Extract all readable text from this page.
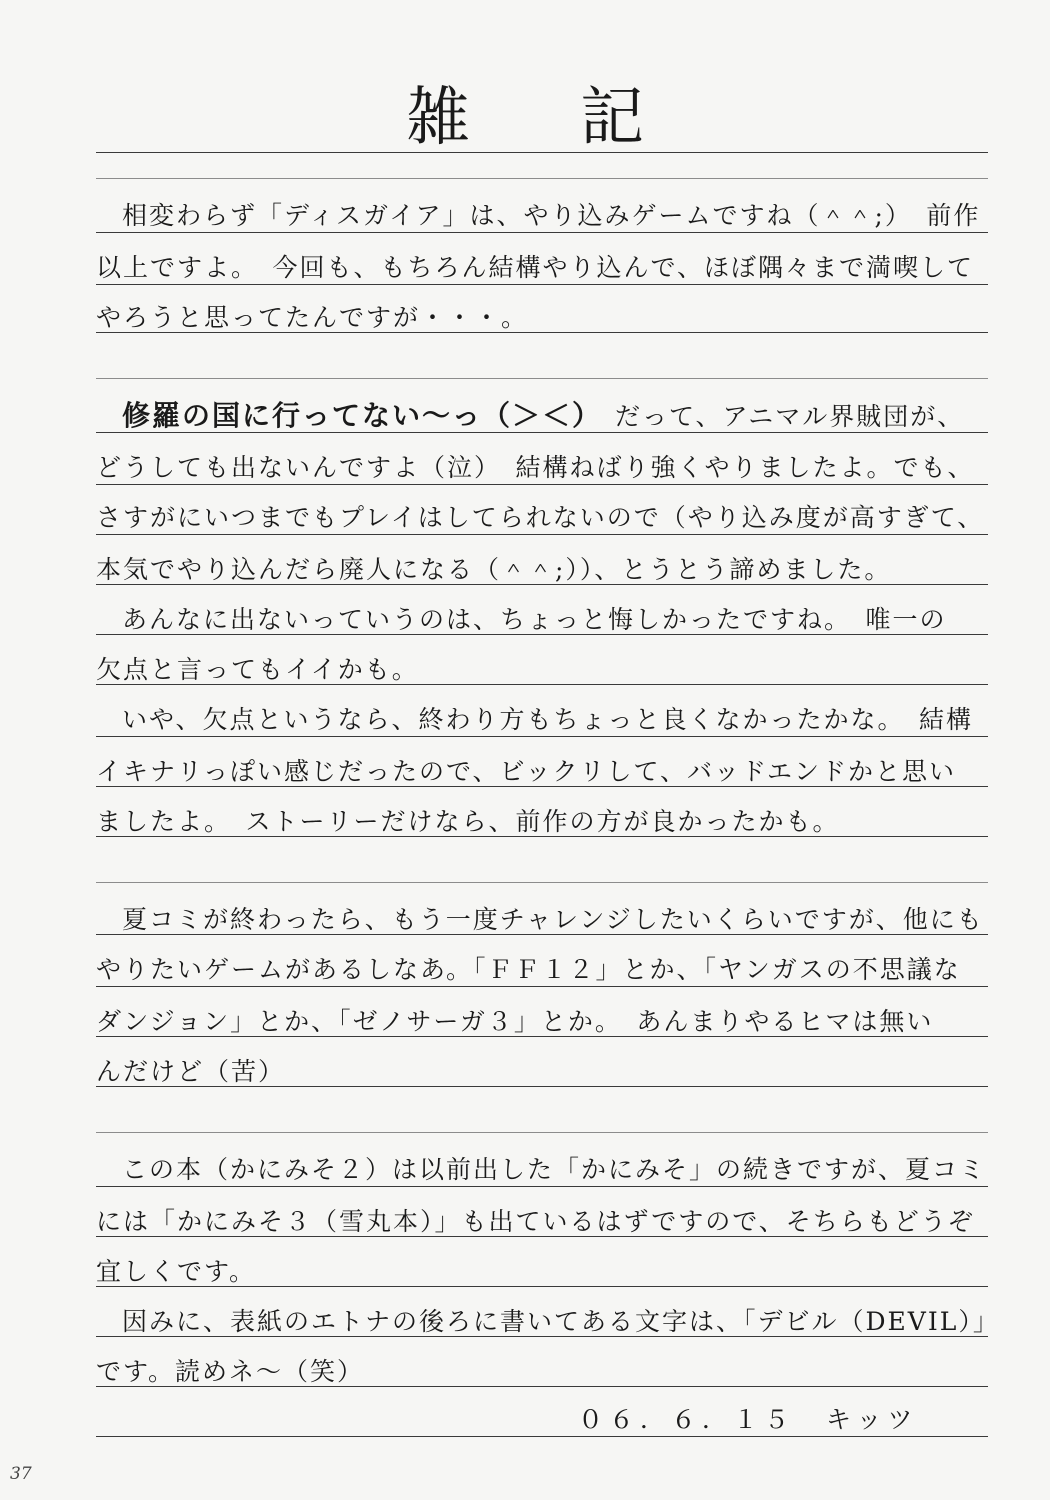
雑記
相変わらず「ディスガイア」は、やり込みゲームですね（＾＾;）　前作
以上ですよ。　今回も、もちろん結構やり込んで、ほぼ隅々まで満喫して
やろうと思ってたんですが・・・。
修羅の国に行ってない～っ（＞＜）　 だって、アニマル界賊団が、
どうしても出ないんですよ（泣）　結構ねばり強くやりましたよ。でも、
さすがにいつまでもプレイはしてられないので（やり込み度が高すぎて、
本気でやり込んだら廃人になる（＾＾;））、とうとう諦めました。
あんなに出ないっていうのは、ちょっと悔しかったですね。　唯一の
欠点と言ってもイイかも。
いや、欠点というなら、終わり方もちょっと良くなかったかな。　結構
イキナリっぽい感じだったので、ビックリして、バッドエンドかと思い
ましたよ。　ストーリーだけなら、前作の方が良かったかも。
夏コミが終わったら、もう一度チャレンジしたいくらいですが、他にも
やりたいゲームがあるしなあ。「ＦＦ１２」とか、「ヤンガスの不思議な
ダンジョン」とか、「ゼノサーガ３」とか。　あんまりやるヒマは無い
んだけど（苦）
この本（かにみそ２）は以前出した「かにみそ」の続きですが、夏コミ
には「かにみそ３（雪丸本）」も出ているはずですので、そちらもどうぞ
宜しくです。
因みに、表紙のエトナの後ろに書いてある文字は、「デビル（DEVIL）」
です。読めネ～（笑）
０６．６．１５　キッツ
37
